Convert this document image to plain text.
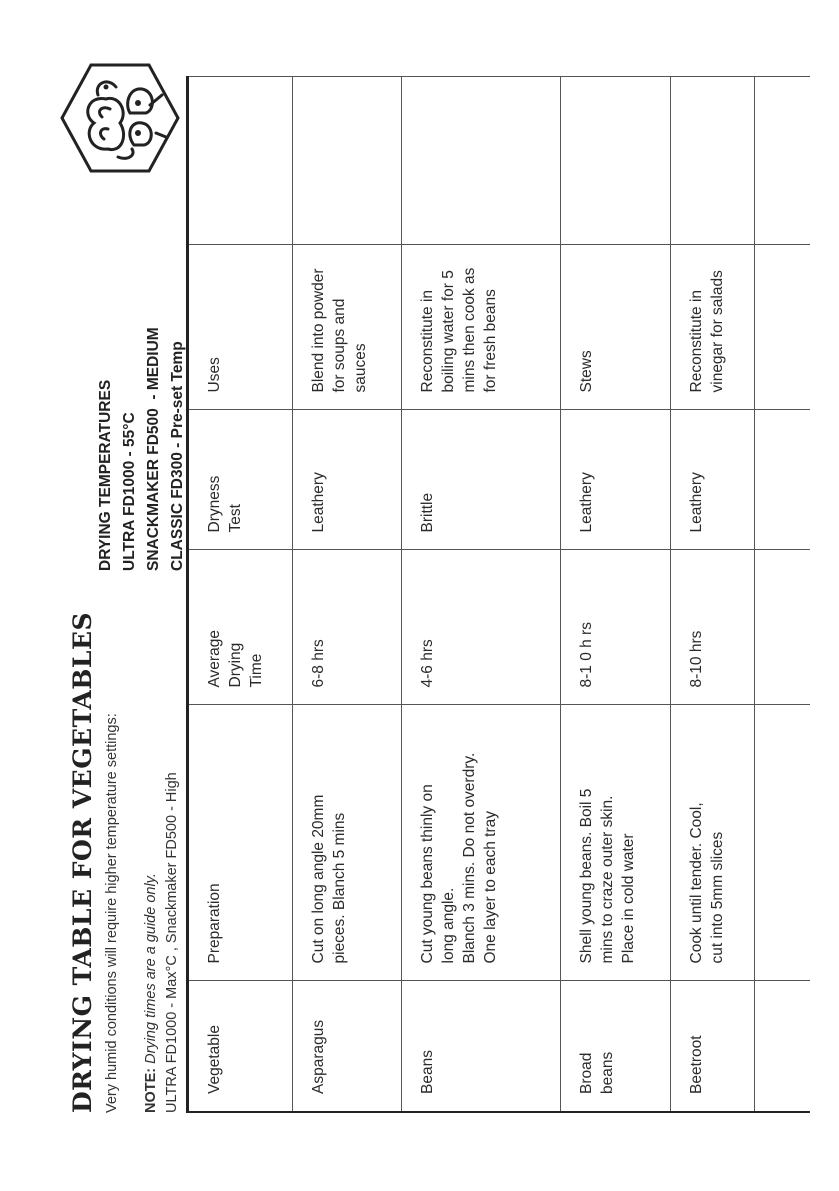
DRYING TABLE FOR VEGETABLES Very humid conditions will require higher temperature settings: NOTE: Drying times are a guide only. ULTRA FD1000 - Max°C , Snackmaker FD500 - High
DRYING TEMPERATURES ULTRA FD1000 - 55°C SNACKMAKER FD500  - MEDIUM CLASSIC FD300 - Pre-set Temp
Vegetable	Preparation	Average
Drying
Time	Dryness
Test	Uses	

Asparagus	Cut on long angle 20mm
pieces. Blanch 5 mins	6-8 hrs	Leathery	Blend into powder
for soups and
sauces	

Beans	Cut young beans thinly on
long angle.
Blanch 3 mins. Do not overdry.
One layer to each tray	4-6 hrs	Brittle	Reconstitute in
boiling water for 5
mins then cook as
for fresh beans	

Broad
beans	Shell young beans. Boil 5
mins to craze outer skin.
Place in cold water	8-1 0 h rs	Leathery	Stews	

Beetroot	Cook until tender. Cool,
cut into 5mm slices	8-10 hrs	Leathery	Reconstitute in
vinegar for salads	
